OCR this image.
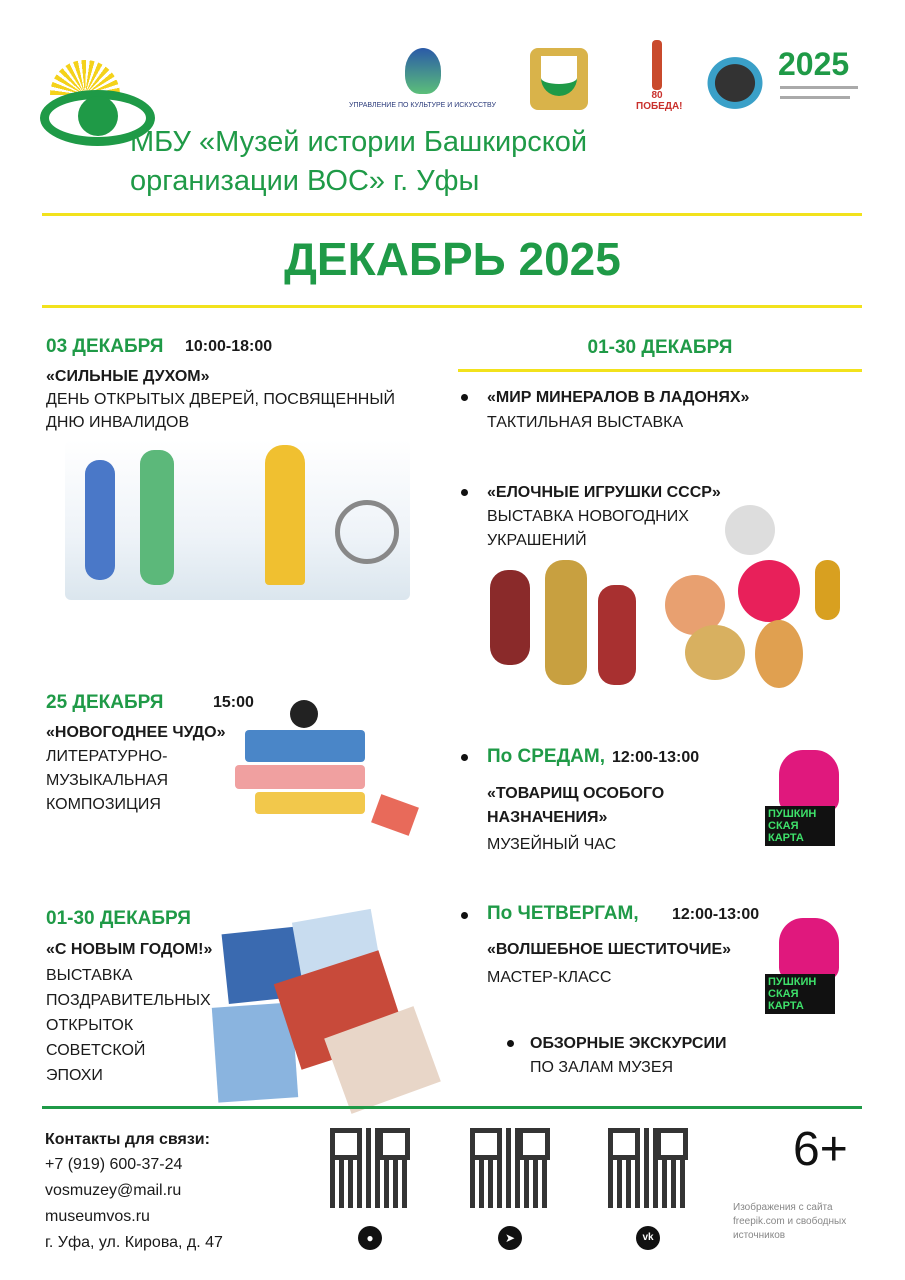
МБУ «Музей истории Башкирской
организации ВОС» г. Уфы
УПРАВЛЕНИЕ ПО КУЛЬТУРЕ И ИСКУССТВУ
80 ПОБЕДА!
2025
ДЕКАБРЬ 2025
03 ДЕКАБРЯ 10:00-18:00
«СИЛЬНЫЕ ДУХОМ»
ДЕНЬ ОТКРЫТЫХ ДВЕРЕЙ, ПОСВЯЩЕННЫЙ
ДНЮ ИНВАЛИДОВ
25 ДЕКАБРЯ	15:00
«НОВОГОДНЕЕ ЧУДО»
ЛИТЕРАТУРНО-
МУЗЫКАЛЬНАЯ
КОМПОЗИЦИЯ
01-30 ДЕКАБРЯ
«С НОВЫМ ГОДОМ!»
ВЫСТАВКА
ПОЗДРАВИТЕЛЬНЫХ
ОТКРЫТОК
СОВЕТСКОЙ
ЭПОХИ
01-30 ДЕКАБРЯ
«МИР МИНЕРАЛОВ В ЛАДОНЯХ»
ТАКТИЛЬНАЯ ВЫСТАВКА
«ЕЛОЧНЫЕ ИГРУШКИ СССР»
ВЫСТАВКА НОВОГОДНИХ
УКРАШЕНИЙ
По СРЕДАМ, 12:00-13:00
«ТОВАРИЩ ОСОБОГО
НАЗНАЧЕНИЯ»
МУЗЕЙНЫЙ ЧАС
ПУШКИН СКАЯ КАРТА
По ЧЕТВЕРГАМ, 12:00-13:00
«ВОЛШЕБНОЕ ШЕСТИТОЧИЕ»
МАСТЕР-КЛАСС	ПУШКИН СКАЯ КАРТА
ОБЗОРНЫЕ ЭКСКУРСИИ
ПО ЗАЛАМ МУЗЕЯ
Контакты для связи:
+7 (919) 600-37-24
vosmuzey@mail.ru
museumvos.ru
г. Уфа, ул. Кирова, д. 47	●	➤	vk
6+
Изображения с сайта
freepik.com и свободных
источников
